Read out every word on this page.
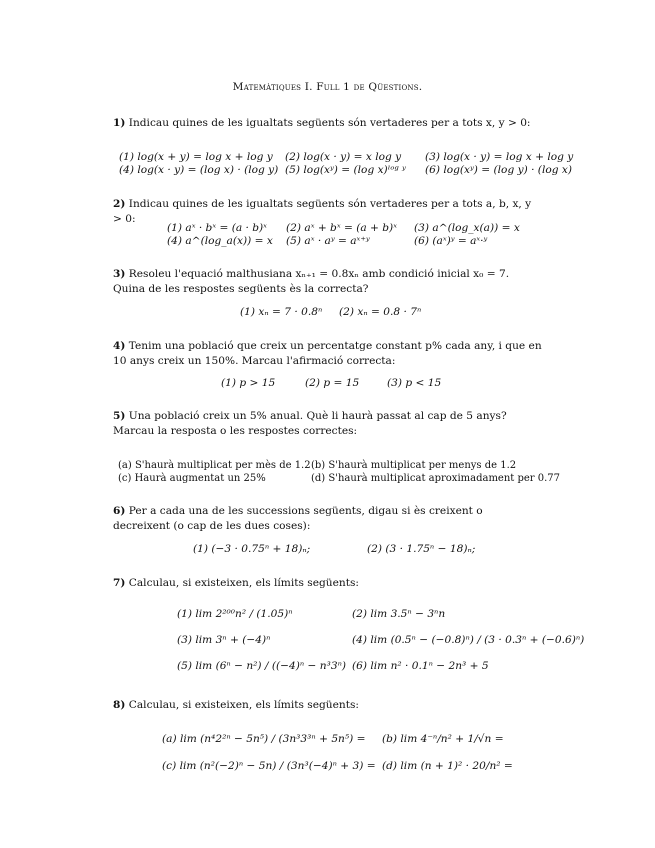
Matemàtiques I. Full 1 de Qüestions.
1) Indicau quines de les igualtats següents són vertaderes per a tots x, y > 0:
(1) log(x + y) = log x + log y (2) log(x · y) = x log y (3) log(x · y) = log x + log y
(4) log(x · y) = (log x) · (log y) (5) log(xʸ) = (log x)ˡᵒᵍ ʸ (6) log(xʸ) = (log y) · (log x)
2) Indicau quines de les igualtats següents són vertaderes per a tots a, b, x, y > 0:
(1) aˣ · bˣ = (a · b)ˣ (2) aˣ + bˣ = (a + b)ˣ (3) a^(log_x(a)) = x
(4) a^(log_a(x)) = x (5) aˣ · aʸ = aˣ⁺ʸ	(6) (aˣ)ʸ = aˣ·ʸ
3) Resoleu l'equació malthusiana xₙ₊₁ = 0.8xₙ amb condició inicial x₀ = 7. Quina de les respostes següents ès la correcta?
(1) xₙ = 7 · 0.8ⁿ (2) xₙ = 0.8 · 7ⁿ
4) Tenim una població que creix un percentatge constant p% cada any, i que en 10 anys creix un 150%. Marcau l'afirmació correcta:
(1) p > 15	(2) p = 15	(3) p < 15
5) Una població creix un 5% anual. Què li haurà passat al cap de 5 anys? Marcau la resposta o les respostes correctes:
(a) S'haurà multiplicat per mès de 1.2 (b) S'haurà multiplicat per menys de 1.2
(c) Haurà augmentat un 25%	(d) S'haurà multiplicat aproximadament per 0.77
6) Per a cada una de les successions següents, digau si ès creixent o decreixent (o cap de les dues coses):
(1) (−3 · 0.75ⁿ + 18)ₙ;	(2) (3 · 1.75ⁿ − 18)ₙ;
7) Calculau, si existeixen, els límits següents:
(1) lim 2²⁰⁰n² / (1.05)ⁿ	(2) lim 3.5ⁿ − 3ⁿn
(3) lim 3ⁿ + (−4)ⁿ	(4) lim (0.5ⁿ − (−0.8)ⁿ) / (3 · 0.3ⁿ + (−0.6)ⁿ)
(5) lim (6ⁿ − n²) / ((−4)ⁿ − n³3ⁿ) (6) lim n² · 0.1ⁿ − 2n³ + 5
8) Calculau, si existeixen, els límits següents:
(a) lim (n⁴2²ⁿ − 5n⁵) / (3n³3³ⁿ + 5n⁵) = (b) lim 4⁻ⁿ/n² + 1/√n =
(c) lim (n²(−2)ⁿ − 5n) / (3n³(−4)ⁿ + 3) = (d) lim (n + 1)² · 20/n² =
